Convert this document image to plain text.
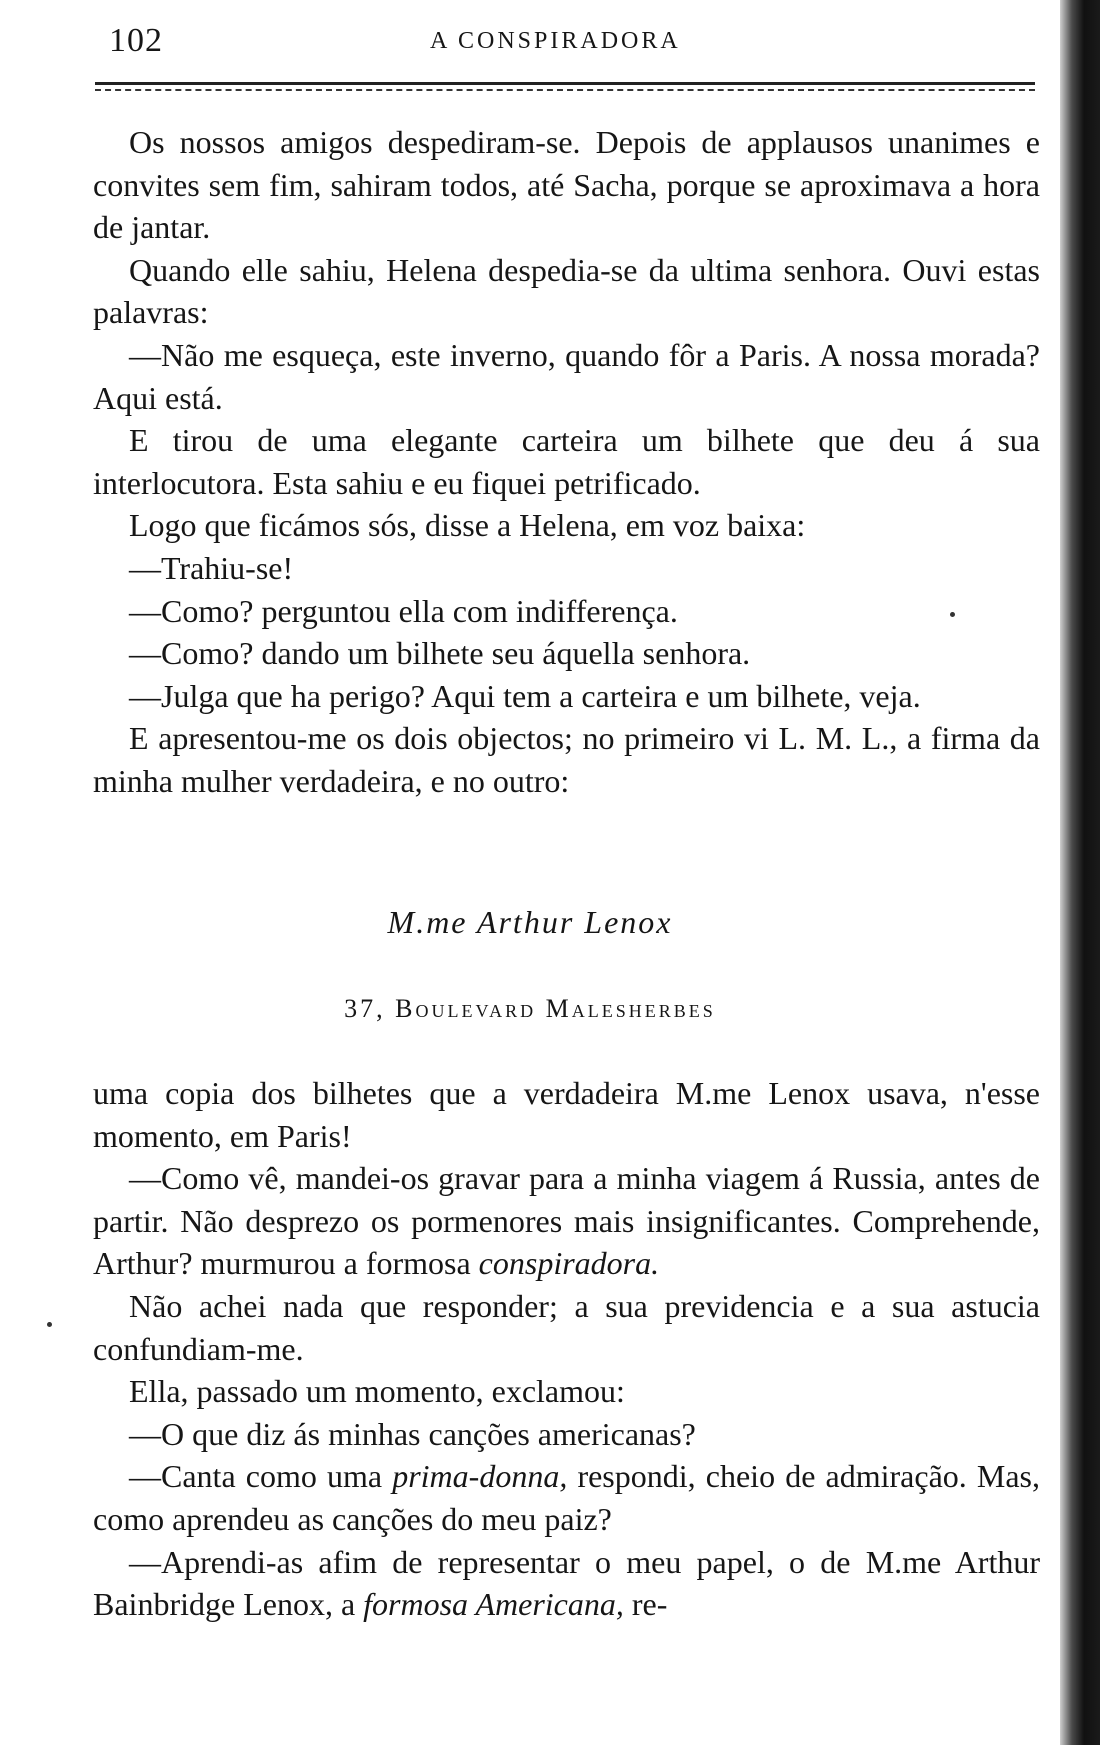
102	A CONSPIRADORA

Os nossos amigos despediram-se. Depois de applausos unanimes e convites sem fim, sahiram todos, até Sacha, porque se aproximava a hora de jantar.

Quando elle sahiu, Helena despedia-se da ultima senhora. Ouvi estas palavras:

—Não me esqueça, este inverno, quando fôr a Paris. A nossa morada? Aqui está.

E tirou de uma elegante carteira um bilhete que deu á sua interlocutora. Esta sahiu e eu fiquei petrificado.

Logo que ficámos sós, disse a Helena, em voz baixa:

—Trahiu-se!

—Como? perguntou ella com indifferença.

—Como? dando um bilhete seu áquella senhora.

—Julga que ha perigo? Aqui tem a carteira e um bilhete, veja.

E apresentou-me os dois objectos; no primeiro vi L. M. L., a firma da minha mulher verdadeira, e no outro:

M.me Arthur Lenox
37, Boulevard Malesherbes

uma copia dos bilhetes que a verdadeira M.me Lenox usava, n'esse momento, em Paris!

—Como vê, mandei-os gravar para a minha viagem á Russia, antes de partir. Não desprezo os pormenores mais insignificantes. Comprehende, Arthur? murmurou a formosa conspiradora.

Não achei nada que responder; a sua previdencia e a sua astucia confundiam-me.

Ella, passado um momento, exclamou:

—O que diz ás minhas canções americanas?

—Canta como uma prima-donna, respondi, cheio de admiração. Mas, como aprendeu as canções do meu paiz?

—Aprendi-as afim de representar o meu papel, o de M.me Arthur Bainbridge Lenox, a formosa Americana, re-
